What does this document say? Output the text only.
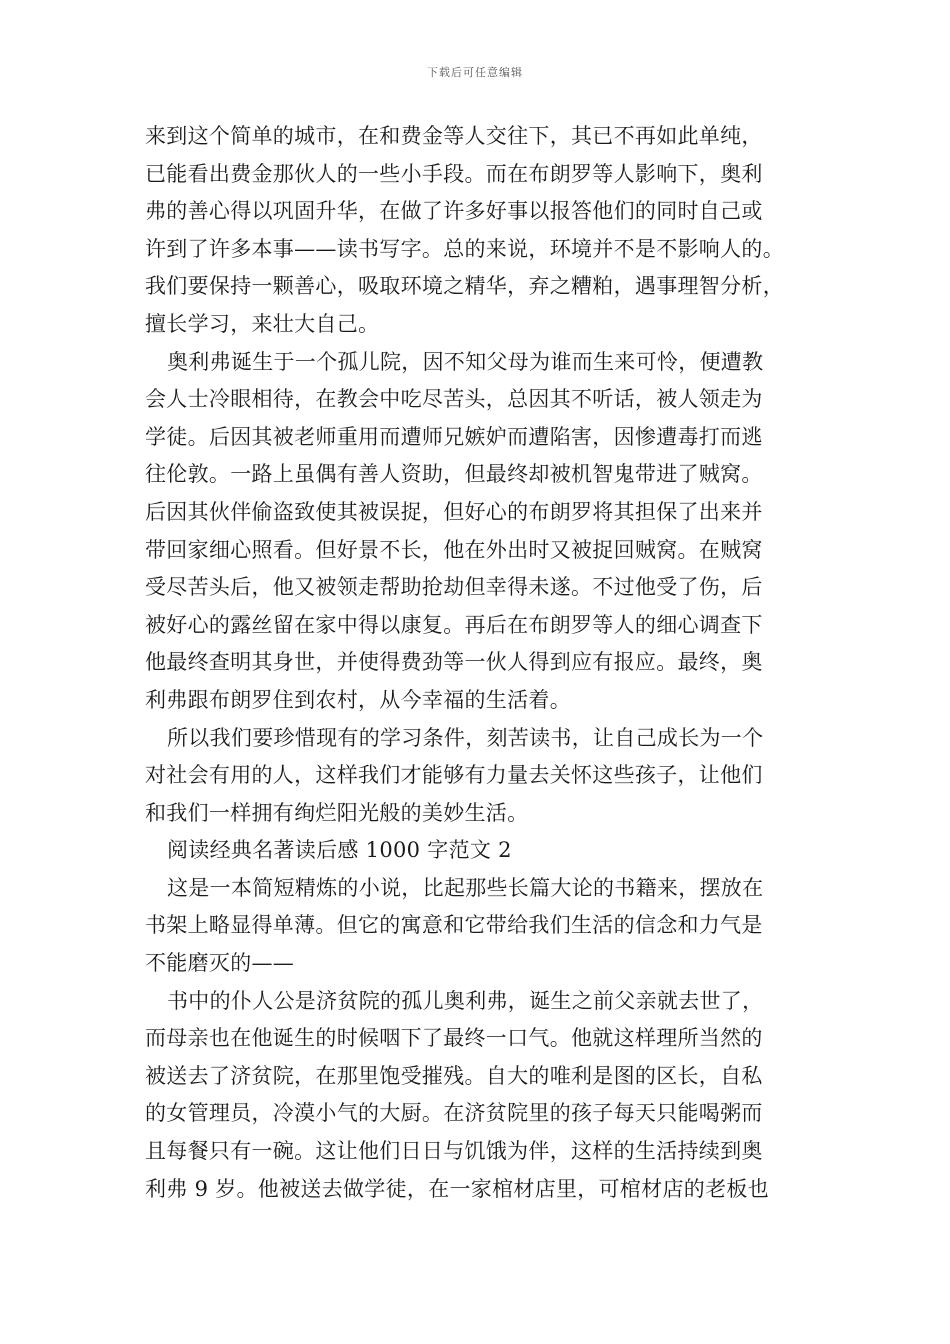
下载后可任意编辑
来到这个简单的城市，在和费金等人交往下，其已不再如此单纯，
已能看出费金那伙人的一些小手段。而在布朗罗等人影响下，奥利
弗的善心得以巩固升华，在做了许多好事以报答他们的同时自己或
许到了许多本事——读书写字。总的来说，环境并不是不影响人的。
我们要保持一颗善心，吸取环境之精华，弃之糟粕，遇事理智分析，
擅长学习，来壮大自己。
奥利弗诞生于一个孤儿院，因不知父母为谁而生来可怜，便遭教
会人士冷眼相待，在教会中吃尽苦头，总因其不听话，被人领走为
学徒。后因其被老师重用而遭师兄嫉妒而遭陷害，因惨遭毒打而逃
往伦敦。一路上虽偶有善人资助，但最终却被机智鬼带进了贼窝。
后因其伙伴偷盗致使其被误捉，但好心的布朗罗将其担保了出来并
带回家细心照看。但好景不长，他在外出时又被捉回贼窝。在贼窝
受尽苦头后，他又被领走帮助抢劫但幸得未遂。不过他受了伤，后
被好心的露丝留在家中得以康复。再后在布朗罗等人的细心调查下
他最终查明其身世，并使得费劲等一伙人得到应有报应。最终，奥
利弗跟布朗罗住到农村，从今幸福的生活着。
所以我们要珍惜现有的学习条件，刻苦读书，让自己成长为一个
对社会有用的人，这样我们才能够有力量去关怀这些孩子，让他们
和我们一样拥有绚烂阳光般的美妙生活。
阅读经典名著读后感 1000 字范文 2
这是一本简短精炼的小说，比起那些长篇大论的书籍来，摆放在
书架上略显得单薄。但它的寓意和它带给我们生活的信念和力气是
不能磨灭的——
书中的仆人公是济贫院的孤儿奥利弗，诞生之前父亲就去世了，
而母亲也在他诞生的时候咽下了最终一口气。他就这样理所当然的
被送去了济贫院，在那里饱受摧残。自大的唯利是图的区长，自私
的女管理员，冷漠小气的大厨。在济贫院里的孩子每天只能喝粥而
且每餐只有一碗。这让他们日日与饥饿为伴，这样的生活持续到奥
利弗 9 岁。他被送去做学徒，在一家棺材店里，可棺材店的老板也
